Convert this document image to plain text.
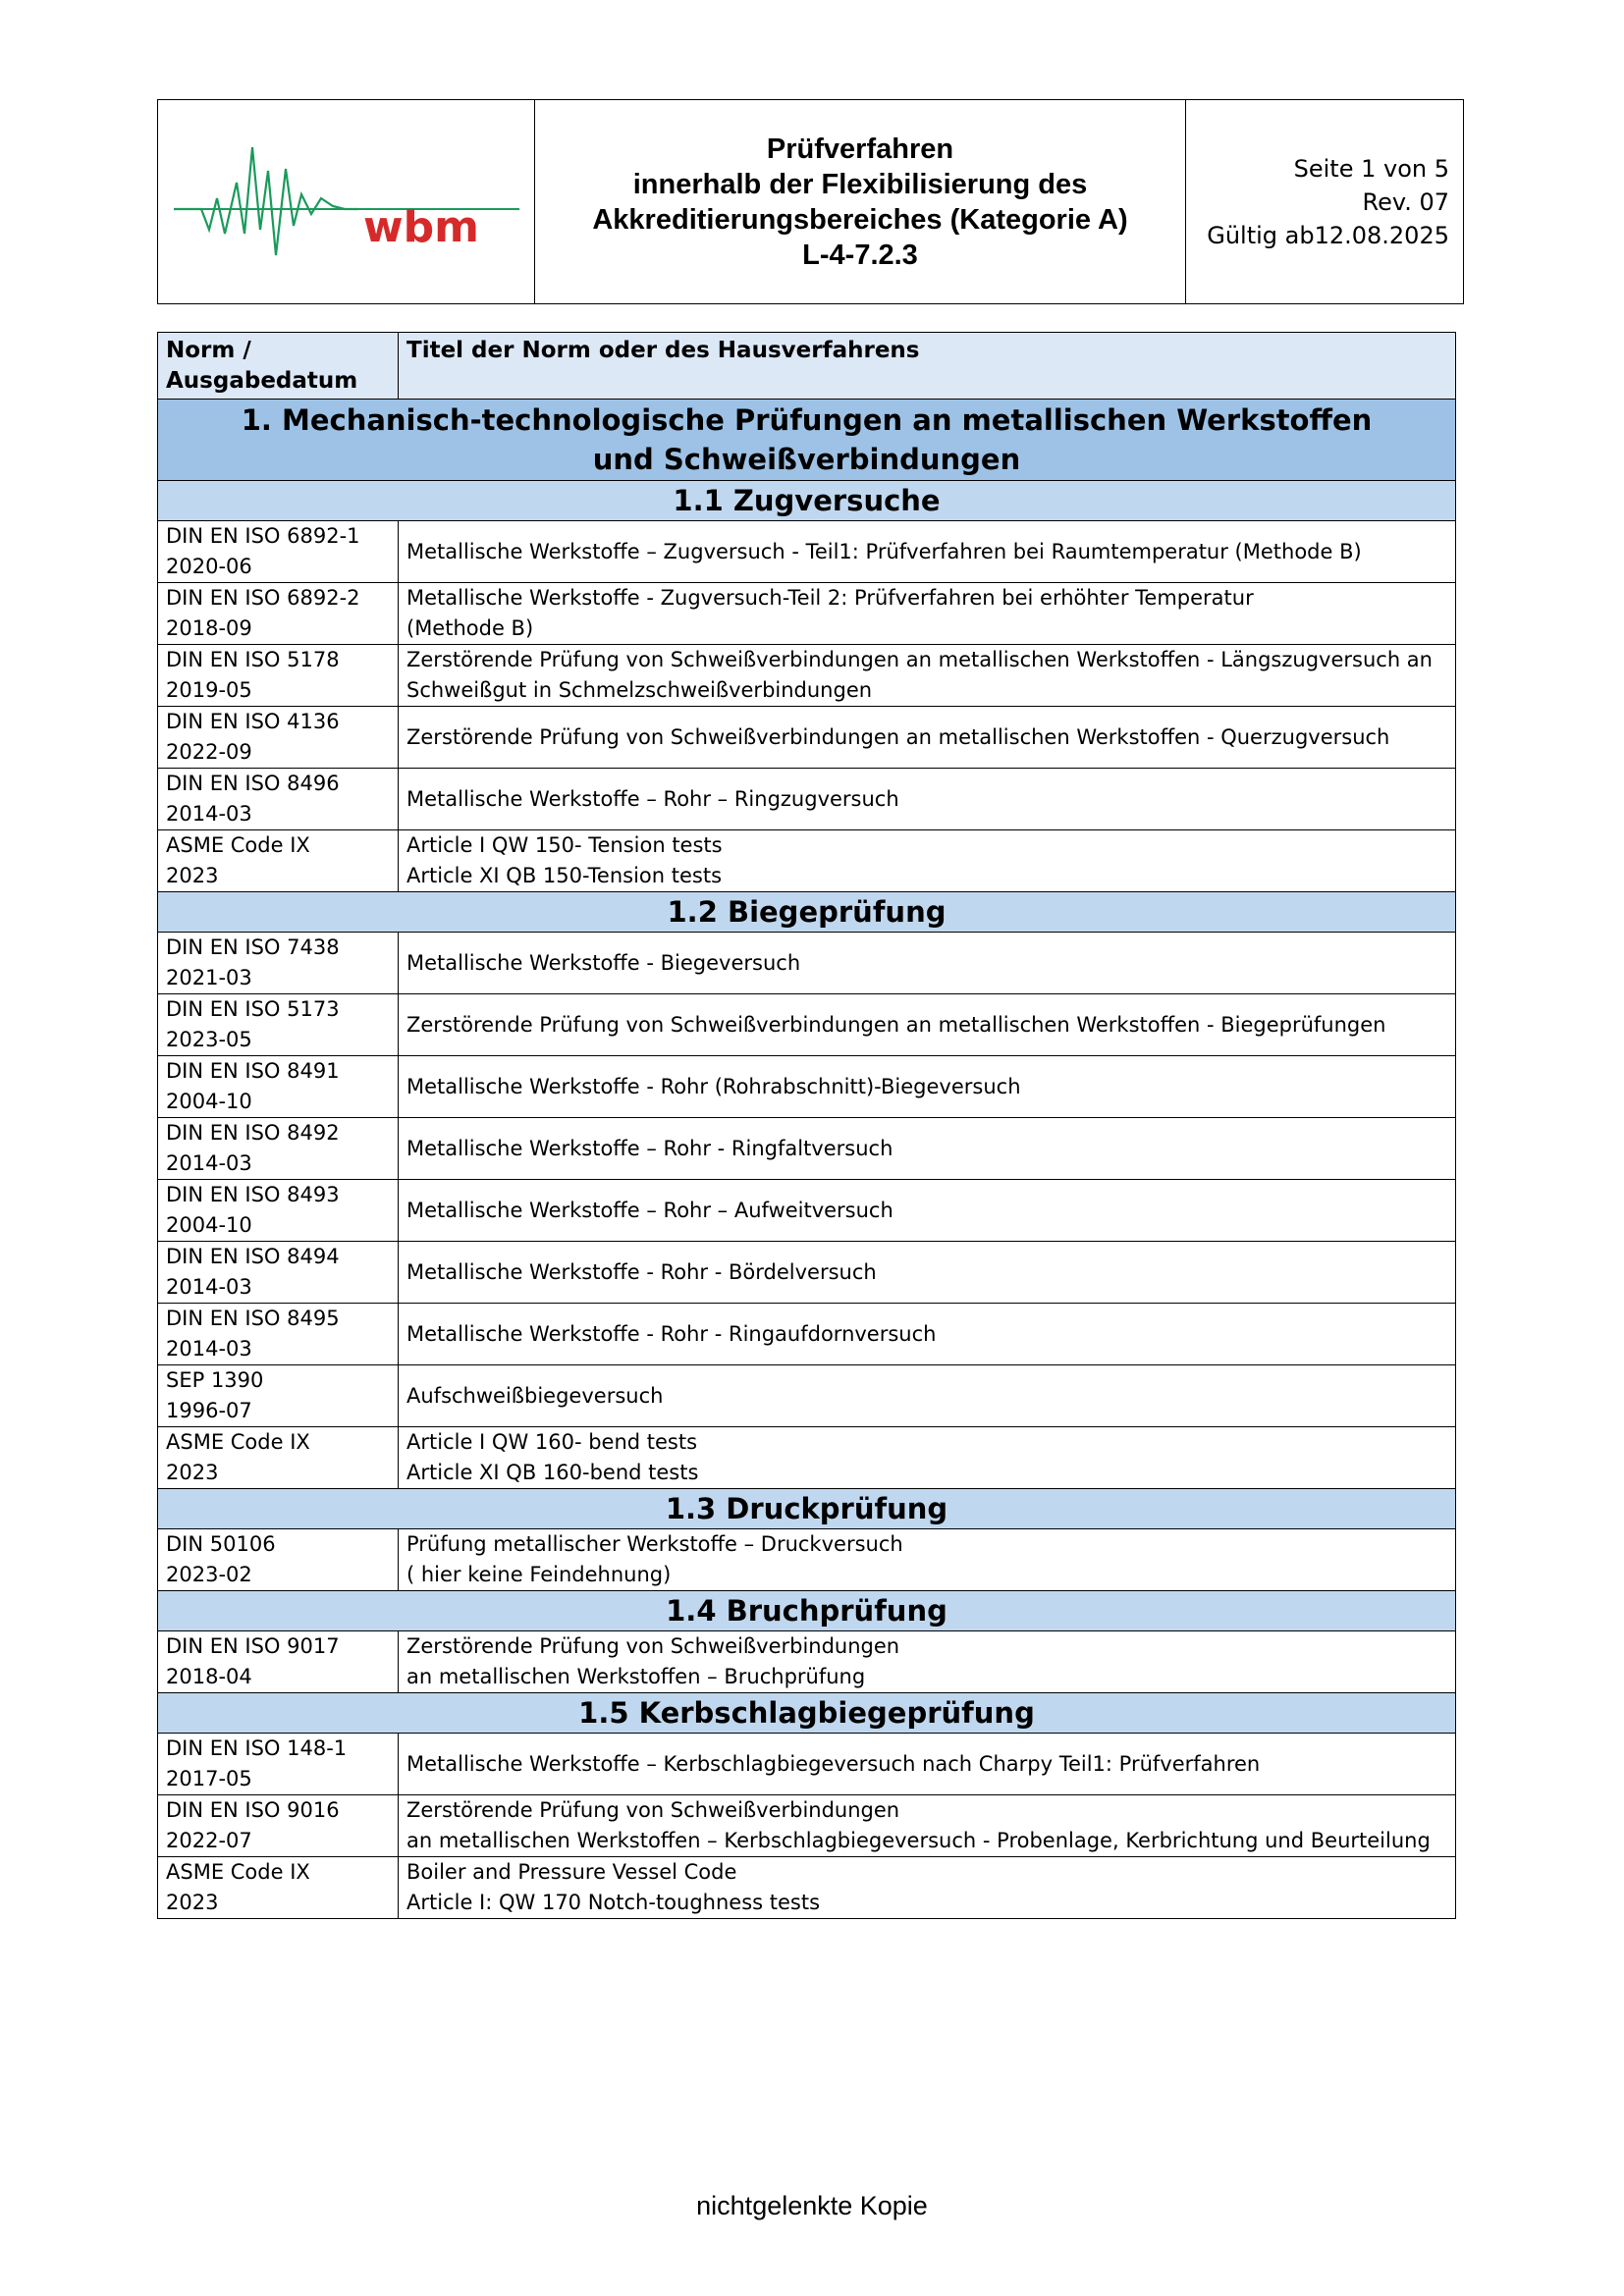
wbm

Prüfverfahren
innerhalb der Flexibilisierung des
Akkreditierungsbereiches (Kategorie A)
L-4-7.2.3

Seite 1 von 5
Rev. 07
Gültig ab12.08.2025
Norm /
Ausgabedatum	Titel der Norm oder des Hausverfahrens

1. Mechanisch-technologische Prüfungen an metallischen Werkstoffen
und Schweißverbindungen	

1.1 Zugversuche	

DIN EN ISO 6892-1
2020-06	Metallische Werkstoffe – Zugversuch - Teil1: Prüfverfahren bei Raumtemperatur (Methode B)

DIN EN ISO 6892-2
2018-09	Metallische Werkstoffe - Zugversuch-Teil 2: Prüfverfahren bei erhöhter Temperatur
(Methode B)

DIN EN ISO 5178
2019-05	Zerstörende Prüfung von Schweißverbindungen an metallischen Werkstoffen - Längszugversuch an
Schweißgut in Schmelzschweißverbindungen

DIN EN ISO 4136
2022-09	Zerstörende Prüfung von Schweißverbindungen an metallischen Werkstoffen - Querzugversuch

DIN EN ISO 8496
2014-03	Metallische Werkstoffe – Rohr – Ringzugversuch

ASME Code IX
2023	Article I QW 150- Tension tests
Article XI QB 150-Tension tests

1.2 Biegeprüfung	

DIN EN ISO 7438
2021-03	Metallische Werkstoffe - Biegeversuch

DIN EN ISO 5173
2023-05	Zerstörende Prüfung von Schweißverbindungen an metallischen Werkstoffen - Biegeprüfungen

DIN EN ISO 8491
2004-10	Metallische Werkstoffe - Rohr (Rohrabschnitt)-Biegeversuch

DIN EN ISO 8492
2014-03	Metallische Werkstoffe – Rohr - Ringfaltversuch

DIN EN ISO 8493
2004-10	Metallische Werkstoffe – Rohr – Aufweitversuch

DIN EN ISO 8494
2014-03	Metallische Werkstoffe - Rohr - Bördelversuch

DIN EN ISO 8495
2014-03	Metallische Werkstoffe - Rohr - Ringaufdornversuch

SEP 1390
1996-07	Aufschweißbiegeversuch

ASME Code IX
2023	Article I QW 160- bend tests
Article XI QB 160-bend tests

1.3 Druckprüfung	

DIN 50106
2023-02	Prüfung metallischer Werkstoffe – Druckversuch
( hier keine Feindehnung)

1.4 Bruchprüfung	

DIN EN ISO 9017
2018-04	Zerstörende Prüfung von Schweißverbindungen
an metallischen Werkstoffen – Bruchprüfung

1.5 Kerbschlagbiegeprüfung	

DIN EN ISO 148-1
2017-05	Metallische Werkstoffe – Kerbschlagbiegeversuch nach Charpy Teil1: Prüfverfahren

DIN EN ISO 9016
2022-07	Zerstörende Prüfung von Schweißverbindungen
an metallischen Werkstoffen – Kerbschlagbiegeversuch - Probenlage, Kerbrichtung und Beurteilung

ASME Code IX
2023	Boiler and Pressure Vessel Code
Article I: QW 170 Notch-toughness tests
nichtgelenkte Kopie
